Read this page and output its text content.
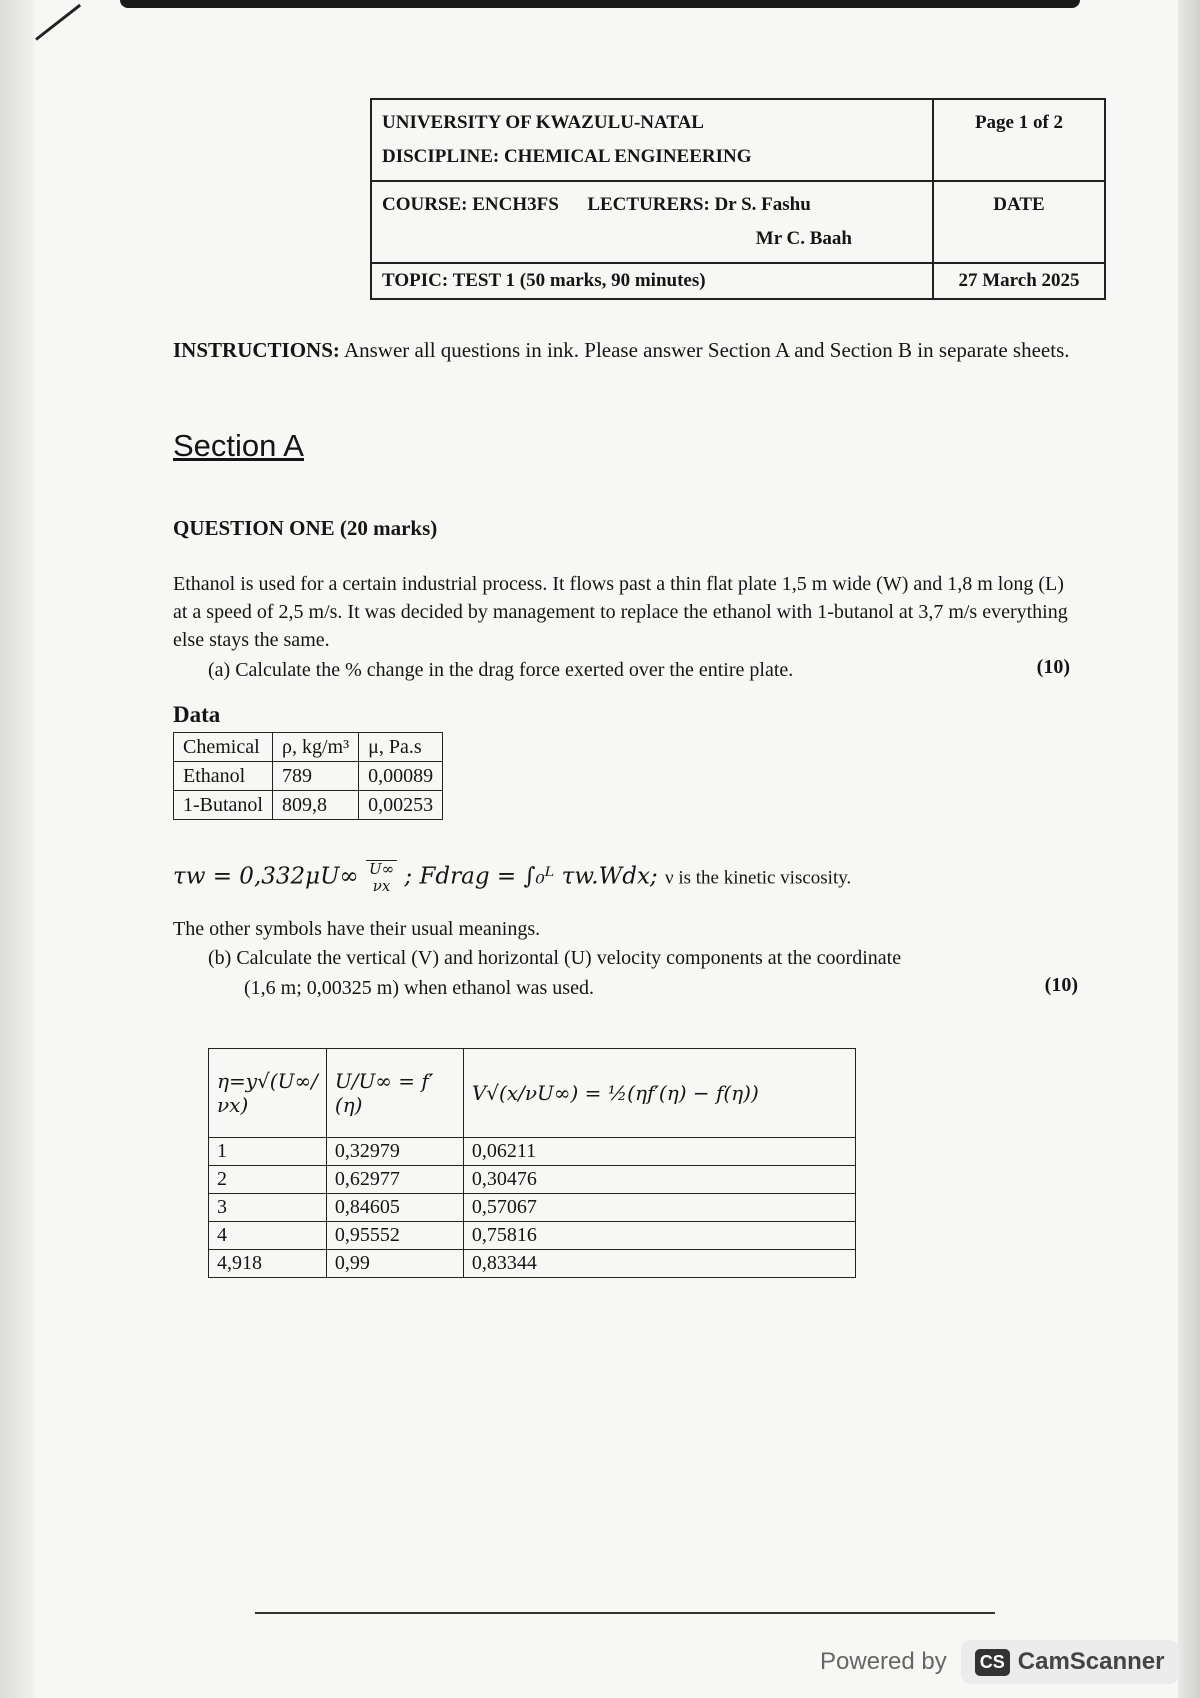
UNIVERSITY OF KWAZULU-NATAL
DISCIPLINE: CHEMICAL ENGINEERING	Page 1 of 2

COURSE: ENCH3FS LECTURERS: Dr S. Fashu
Mr C. Baah	DATE

TOPIC: TEST 1 (50 marks, 90 minutes)	27 March 2025
INSTRUCTIONS: Answer all questions in ink. Please answer Section A and Section B in separate sheets.
Section A
QUESTION ONE (20 marks)
Ethanol is used for a certain industrial process. It flows past a thin flat plate 1,5 m wide (W) and 1,8 m long (L) at a speed of 2,5 m/s. It was decided by management to replace the ethanol with 1-butanol at 3,7 m/s everything else stays the same.
(a) Calculate the % change in the drag force exerted over the entire plate.	(10)
Data
Chemical	ρ, kg/m³	μ, Pa.s
Ethanol	789	0,00089
1-Butanol	809,8	0,00253
τw = 0,332μU∞ U∞
νx ; Fdrag = ∫₀ᴸ τw.Wdx; ν is the kinetic viscosity.
The other symbols have their usual meanings.
(b) Calculate the vertical (V) and horizontal (U) velocity components at the coordinate
(1,6 m; 0,00325 m) when ethanol was used.	(10)
η=y√(U∞/νx)	U/U∞ = f′(η)	V√(x/νU∞) = ½(ηf′(η) − f(η))
1	0,32979	0,06211
2	0,62977	0,30476
3	0,84605	0,57067
4	0,95552	0,75816
4,918	0,99	0,83344
Powered by CS CamScanner
